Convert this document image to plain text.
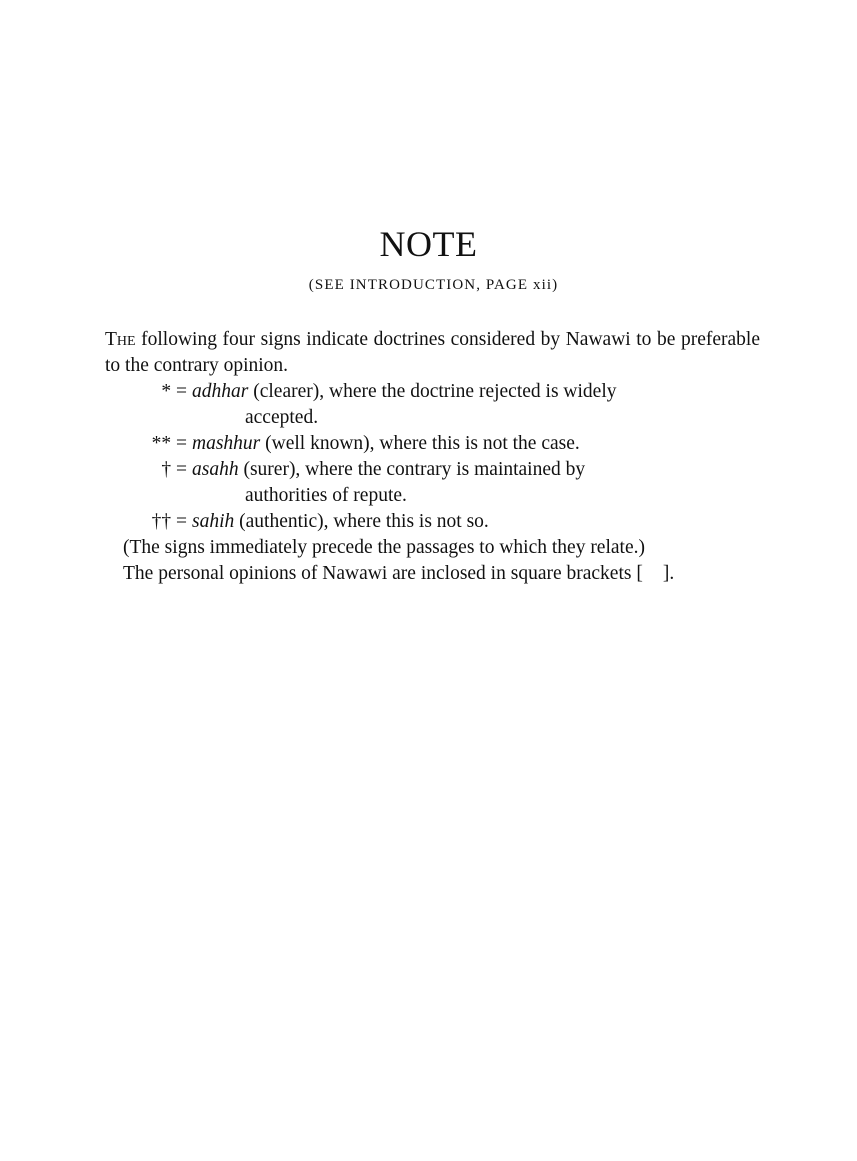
NOTE
(SEE INTRODUCTION, PAGE xii)

The following four signs indicate doctrines considered by Nawawi to be preferable to the contrary opinion.

* = adhhar (clearer), where the doctrine rejected is widely
accepted.
** = mashhur (well known), where this is not the case.
† = asahh (surer), where the contrary is maintained by
authorities of repute.
†† = sahih (authentic), where this is not so.

(The signs immediately precede the passages to which they relate.)

The personal opinions of Nawawi are inclosed in square brackets [ ].
